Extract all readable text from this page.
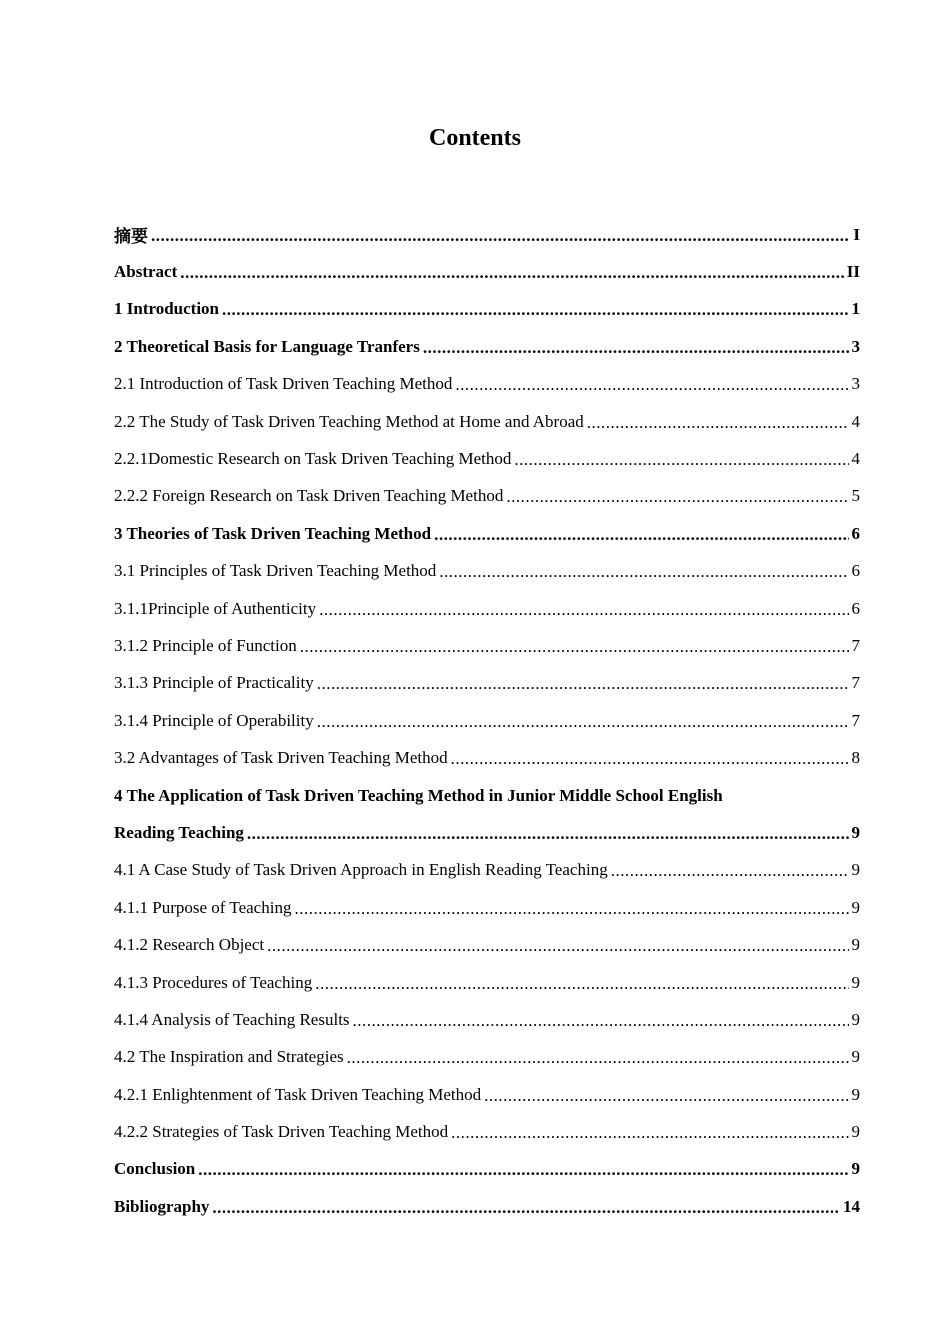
Contents
摘要 .....	I
Abstract .....	II
1 Introduction .....	1
2 Theoretical Basis for Language Tranfers .....	3
2.1 Introduction of Task Driven Teaching Method .....	3
2.2 The Study of Task Driven Teaching Method at Home and Abroad .....	4
2.2.1Domestic Research on Task Driven Teaching Method .....	4
2.2.2 Foreign Research on Task Driven Teaching Method .....	5
3 Theories of Task Driven Teaching Method .....	6
3.1 Principles of Task Driven Teaching Method .....	6
3.1.1Principle of Authenticity .....	6
3.1.2 Principle of Function .....	7
3.1.3 Principle of Practicality .....	7
3.1.4 Principle of Operability .....	7
3.2 Advantages of Task Driven Teaching Method .....	8
4 The Application of Task Driven Teaching Method in Junior Middle School English
Reading Teaching .....	9
4.1 A Case Study of Task Driven Approach in English Reading Teaching .....	9
4.1.1 Purpose of Teaching .....	9
4.1.2 Research Object .....	9
4.1.3 Procedures of Teaching .....	9
4.1.4 Analysis of Teaching Results .....	9
4.2 The Inspiration and Strategies .....	9
4.2.1 Enlightenment of Task Driven Teaching Method .....	9
4.2.2 Strategies of Task Driven Teaching Method .....	9
Conclusion .....	9
Bibliography .....	14
